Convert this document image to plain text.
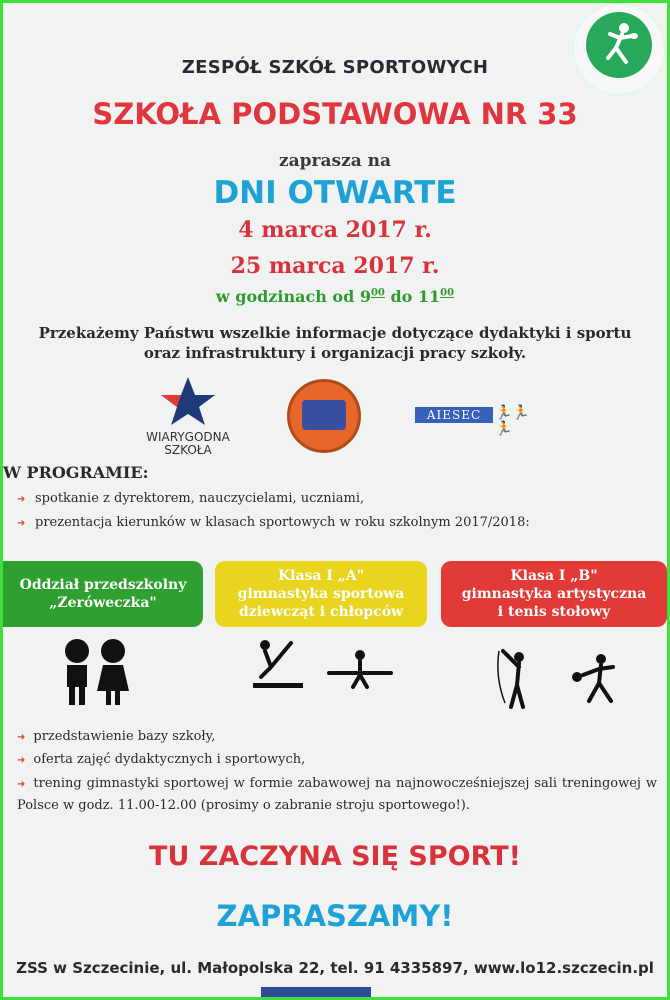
ZESPÓŁ SZKÓŁ SPORTOWYCH
SZKOŁA PODSTAWOWA NR 33
zaprasza na
DNI OTWARTE
4 marca 2017 r.
25 marca 2017 r.
w godzinach od $9^{00}$ do $11^{00}$
Przekażemy Państwu wszelkie informacje dotyczące dydaktyki i sportu
oraz infrastruktury i organizacji pracy szkoły.
WIARYGODNA
SZKOŁA
AIESEC 🏃🏃🏃
W PROGRAMIE:
➜ spotkanie z dyrektorem, nauczycielami, uczniami,
➜ prezentacja kierunków w klasach sportowych w roku szkolnym 2017/2018:
Oddział przedszkolny
„Zeróweczka"
Klasa I „A"
gimnastyka sportowa
dziewcząt i chłopców
Klasa I „B"
gimnastyka artystyczna
i tenis stołowy
➜ przedstawienie bazy szkoły,
➜ oferta zajęć dydaktycznych i sportowych,
➜ trening gimnastyki sportowej w formie zabawowej na najnowocześniejszej sali treningowej w Polsce w godz. 11.00-12.00 (prosimy o zabranie stroju sportowego!).
TU ZACZYNA SIĘ SPORT!
ZAPRASZAMY!
ZSS w Szczecinie, ul. Małopolska 22, tel. 91 4335897, www.lo12.szczecin.pl
